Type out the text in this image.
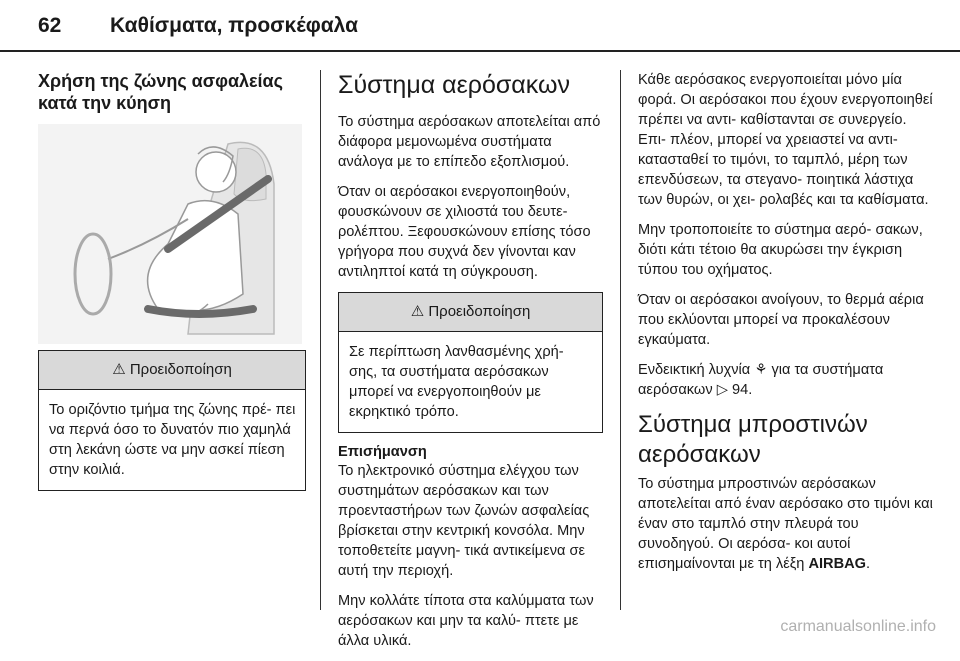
62 Καθίσματα, προσκέφαλα
Χρήση της ζώνης ασφαλείας κατά την κύηση
⚠ Προειδοποίηση

Το οριζόντιο τμήμα της ζώνης πρέ- πει να περνά όσο το δυνατόν πιο χαμηλά στη λεκάνη ώστε να μην ασκεί πίεση στην κοιλιά.

Σύστημα αερόσακων

Το σύστημα αερόσακων αποτελείται από διάφορα μεμονωμένα συστήματα ανάλογα με το επίπεδο εξοπλισμού.

Όταν οι αερόσακοι ενεργοποιηθούν, φουσκώνουν σε χιλιοστά του δευτε- ρολέπτου. Ξεφουσκώνουν επίσης τόσο γρήγορα που συχνά δεν γίνονται καν αντιληπτοί κατά τη σύγκρουση.

⚠ Προειδοποίηση

Σε περίπτωση λανθασμένης χρή- σης, τα συστήματα αερόσακων μπορεί να ενεργοποιηθούν με εκρηκτικό τρόπο.

Επισήμανση

Το ηλεκτρονικό σύστημα ελέγχου των συστημάτων αερόσακων και των προενταστήρων των ζωνών ασφαλείας βρίσκεται στην κεντρική κονσόλα. Μην τοποθετείτε μαγνη- τικά αντικείμενα σε αυτή την περιοχή.

Μην κολλάτε τίποτα στα καλύμματα των αερόσακων και μην τα καλύ- πτετε με άλλα υλικά.

Κάθε αερόσακος ενεργοποιείται μόνο μία φορά. Οι αερόσακοι που έχουν ενεργοποιηθεί πρέπει να αντι- καθίστανται σε συνεργείο. Επι- πλέον, μπορεί να χρειαστεί να αντι- κατασταθεί το τιμόνι, το ταμπλό, μέρη των επενδύσεων, τα στεγανο- ποιητικά λάστιχα των θυρών, οι χει- ρολαβές και τα καθίσματα.

Μην τροποποιείτε το σύστημα αερό- σακων, διότι κάτι τέτοιο θα ακυρώσει την έγκριση τύπου του οχήματος.

Όταν οι αερόσακοι ανοίγουν, το θερμά αέρια που εκλύονται μπορεί να προκαλέσουν εγκαύματα.

Ενδεικτική λυχνία ⚘ για τα συστήματα αερόσακων ▷ 94.

Σύστημα μπροστινών αερόσακων

Το σύστημα μπροστινών αερόσακων αποτελείται από έναν αερόσακο στο τιμόνι και έναν στο ταμπλό στην πλευρά του συνοδηγού. Οι αερόσα- κοι αυτοί επισημαίνονται με τη λέξη AIRBAG.

carmanualsonline.info
